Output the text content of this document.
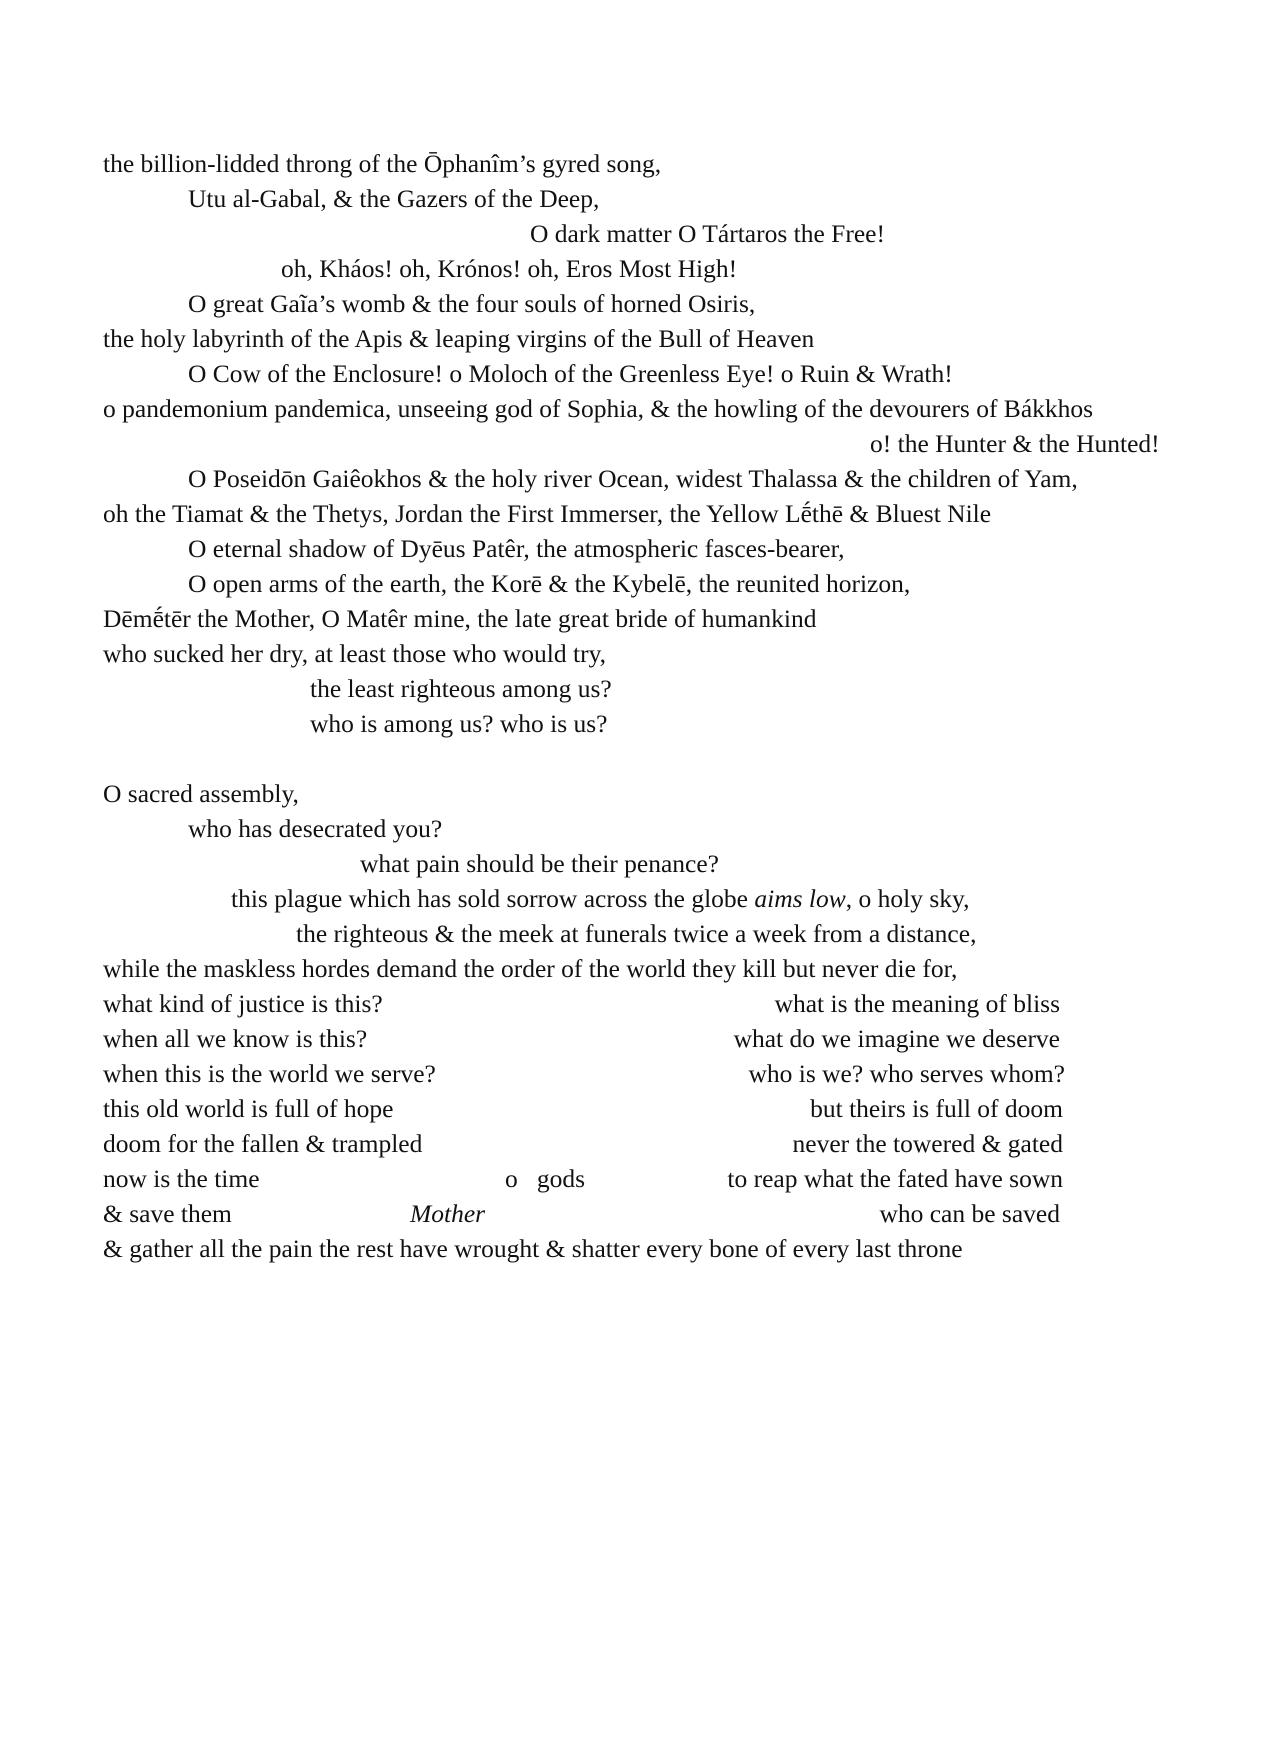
the billion-lidded throng of the Ōphanîm’s gyred song,
Utu al-Gabal, & the Gazers of the Deep,
O dark matter O Tártaros the Free!
oh, Kháos! oh, Krónos! oh, Eros Most High!
O great Gaĩa’s womb & the four souls of horned Osiris,
the holy labyrinth of the Apis & leaping virgins of the Bull of Heaven
O Cow of the Enclosure! o Moloch of the Greenless Eye! o Ruin & Wrath!
o pandemonium pandemica, unseeing god of Sophia, & the howling of the devourers of Bákkhos
o! the Hunter & the Hunted!
O Poseidōn Gaiêokhos & the holy river Ocean, widest Thalassa & the children of Yam,
oh the Tiamat & the Thetys, Jordan the First Immerser, the Yellow Lḗthē & Bluest Nile
O eternal shadow of Dyēus Patêr, the atmospheric fasces-bearer,
O open arms of the earth, the Korē & the Kybelē, the reunited horizon,
Dēmḗtēr the Mother, O Matêr mine, the late great bride of humankind
who sucked her dry, at least those who would try,
the least righteous among us?
who is among us? who is us?
O sacred assembly,
who has desecrated you?
what pain should be their penance?
this plague which has sold sorrow across the globe aims low, o holy sky,
the righteous & the meek at funerals twice a week from a distance,
while the maskless hordes demand the order of the world they kill but never die for,
what kind of justice is this?
when all we know is this?
when this is the world we serve?
this old world is full of hope
doom for the fallen & trampled
now is the time
& save them
o   gods
Mother
what is the meaning of bliss
what do we imagine we deserve
who is we? who serves whom?
but theirs is full of doom
never the towered & gated
to reap what the fated have sown
who can be saved
& gather all the pain the rest have wrought & shatter every bone of every last throne
